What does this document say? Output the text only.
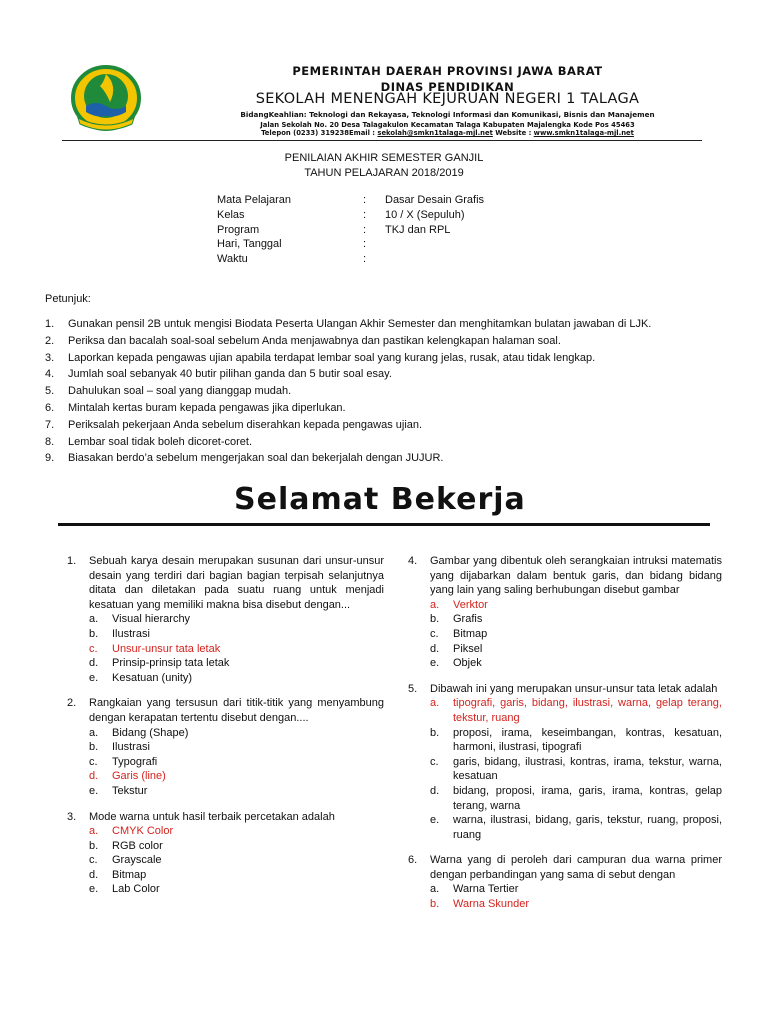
PEMERINTAH DAERAH PROVINSI JAWA BARAT
DINAS PENDIDIKAN
SEKOLAH MENENGAH KEJURUAN NEGERI 1 TALAGA
BidangKeahlian: Teknologi dan Rekayasa, Teknologi Informasi dan Komunikasi, Bisnis dan Manajemen
Jalan Sekolah No. 20 Desa Talagakulon Kecamatan Talaga Kabupaten Majalengka Kode Pos 45463
Telepon (0233) 319238Email : sekolah@smkn1talaga-mjl.net Website : www.smkn1talaga-mjl.net
PENILAIAN AKHIR SEMESTER GANJIL
TAHUN PELAJARAN 2018/2019
Mata Pelajaran	: Dasar Desain Grafis
Kelas	: 10 / X (Sepuluh)
Program	: TKJ dan RPL
Hari, Tanggal	:
Waktu	:
Petunjuk:
1. Gunakan pensil 2B untuk mengisi Biodata Peserta Ulangan Akhir Semester dan menghitamkan bulatan jawaban di LJK.
2. Periksa dan bacalah soal-soal sebelum Anda menjawabnya dan pastikan kelengkapan halaman soal.
3. Laporkan kepada pengawas ujian apabila terdapat lembar soal yang kurang jelas, rusak, atau tidak lengkap.
4. Jumlah soal sebanyak 40 butir pilihan ganda dan 5 butir soal esay.
5. Dahulukan soal – soal yang dianggap mudah.
6. Mintalah kertas buram kepada pengawas jika diperlukan.
7. Periksalah pekerjaan Anda sebelum diserahkan kepada pengawas ujian.
8. Lembar soal tidak boleh dicoret-coret.
9. Biasakan berdo’a sebelum mengerjakan soal dan bekerjalah dengan JUJUR.
Selamat Bekerja
1. Sebuah karya desain merupakan susunan dari unsur-unsur desain yang terdiri dari bagian bagian terpisah selanjutnya ditata dan diletakan pada suatu ruang untuk menjadi kesatuan yang memiliki makna bisa disebut dengan...
a. Visual hierarchy
b. Ilustrasi
c. Unsur-unsur tata letak
d. Prinsip-prinsip tata letak
e. Kesatuan (unity)
2. Rangkaian yang tersusun dari titik-titik yang menyambung dengan kerapatan tertentu disebut dengan....
a. Bidang (Shape)
b. Ilustrasi
c. Typografi
d. Garis (line)
e. Tekstur
3. Mode warna untuk hasil terbaik percetakan adalah
a. CMYK Color
b. RGB color
c. Grayscale
d. Bitmap
e. Lab Color
4. Gambar yang dibentuk oleh serangkaian intruksi matematis yang dijabarkan dalam bentuk garis, dan bidang bidang yang lain yang saling berhubungan disebut gambar
a. Verktor
b. Grafis
c. Bitmap
d. Piksel
e. Objek
5. Dibawah ini yang merupakan unsur-unsur tata letak adalah
a. tipografi, garis, bidang, ilustrasi, warna, gelap terang, tekstur, ruang
b. proposi, irama, keseimbangan, kontras, kesatuan, harmoni, ilustrasi, tipografi
c. garis, bidang, ilustrasi, kontras, irama, tekstur, warna, kesatuan
d. bidang, proposi, irama, garis, irama, kontras, gelap terang, warna
e. warna, ilustrasi, bidang, garis, tekstur, ruang, proposi, ruang
6. Warna yang di peroleh dari campuran dua warna primer dengan perbandingan yang sama di sebut dengan
a. Warna Tertier
b. Warna Skunder
